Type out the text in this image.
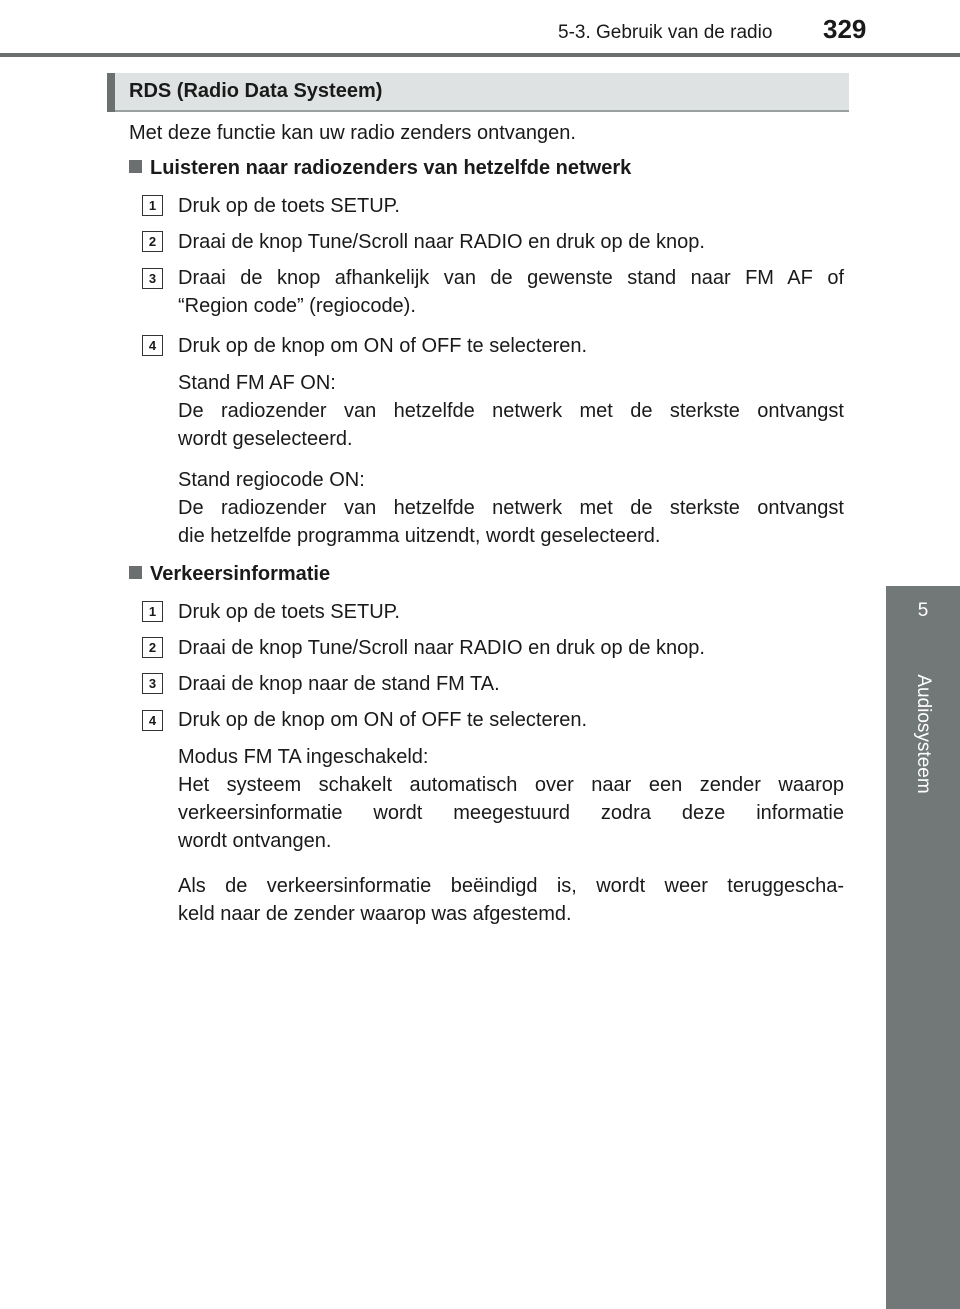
5-3. Gebruik van de radio 329
5
Audiosysteem
RDS (Radio Data Systeem)
Met deze functie kan uw radio zenders ontvangen.
Luisteren naar radiozenders van hetzelfde netwerk
1	Druk op de toets SETUP.
2	Draai de knop Tune/Scroll naar RADIO en druk op de knop.
3	Draai de knop afhankelijk van de gewenste stand naar FM AF of
“Region code” (regiocode).
4	Druk op de knop om ON of OFF te selecteren.
Stand FM AF ON:
De radiozender van hetzelfde netwerk met de sterkste ontvangst
wordt geselecteerd.
Stand regiocode ON:
De radiozender van hetzelfde netwerk met de sterkste ontvangst
die hetzelfde programma uitzendt, wordt geselecteerd.
Verkeersinformatie
1	Druk op de toets SETUP.
2	Draai de knop Tune/Scroll naar RADIO en druk op de knop.
3	Draai de knop naar de stand FM TA.
4	Druk op de knop om ON of OFF te selecteren.
Modus FM TA ingeschakeld:
Het systeem schakelt automatisch over naar een zender waarop
verkeersinformatie wordt meegestuurd zodra deze informatie
wordt ontvangen.
Als de verkeersinformatie beëindigd is, wordt weer teruggescha-
keld naar de zender waarop was afgestemd.
